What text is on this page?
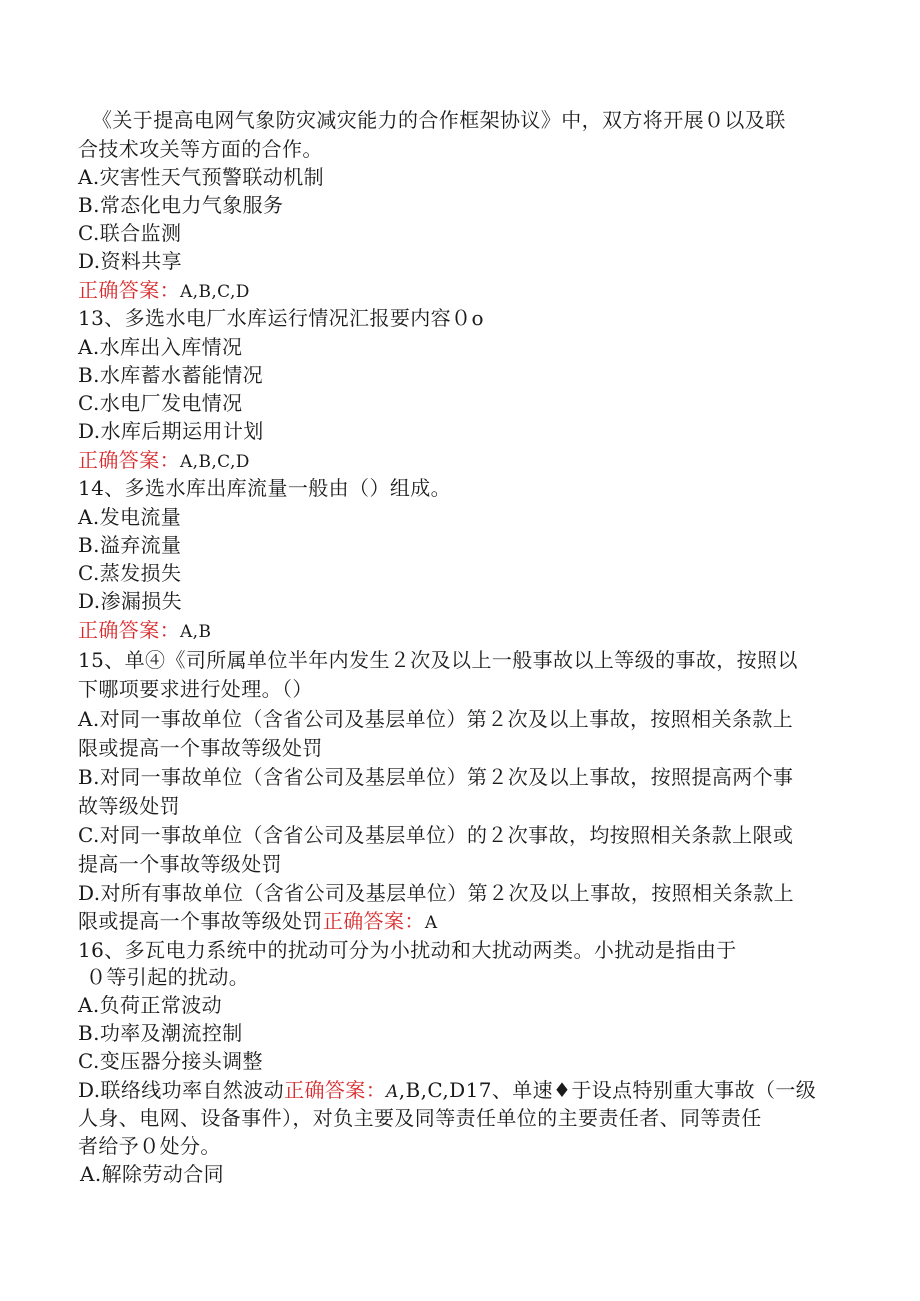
《关于提高电网气象防灾减灾能力的合作框架协议》中，双方将开展０以及联
合技术攻关等方面的合作。
A.灾害性天气预警联动机制
B.常态化电力气象服务
C.联合监测
D.资料共享
正确答案：A,B,C,D
13、多选水电厂水库运行情况汇报要内容０o
A.水库出入库情况
B.水库蓄水蓄能情况
C.水电厂发电情况
D.水库后期运用计划
正确答案：A,B,C,D
14、多选水库出库流量一般由（）组成。
A.发电流量
B.溢弃流量
C.蒸发损失
D.渗漏损失
正确答案：A,B
15、单④《司所属单位半年内发生２次及以上一般事故以上等级的事故，按照以
下哪项要求进行处理。（）
A.对同一事故单位（含省公司及基层单位）第２次及以上事故，按照相关条款上
限或提高一个事故等级处罚
B.对同一事故单位（含省公司及基层单位）第２次及以上事故，按照提高两个事
故等级处罚
C.对同一事故单位（含省公司及基层单位）的２次事故，均按照相关条款上限或
提高一个事故等级处罚
D.对所有事故单位（含省公司及基层单位）第２次及以上事故，按照相关条款上
限或提高一个事故等级处罚正确答案：A
16、多瓦电力系统中的扰动可分为小扰动和大扰动两类。小扰动是指由于
０等引起的扰动。
A.负荷正常波动
B.功率及潮流控制
C.变压器分接头调整
D.联络线功率自然波动正确答案：A,B,C,D17、单速♦于设点特别重大事故（一级
人身、电网、设备事件），对负主要及同等责任单位的主要责任者、同等责任
者给予０处分。
A.解除劳动合同
